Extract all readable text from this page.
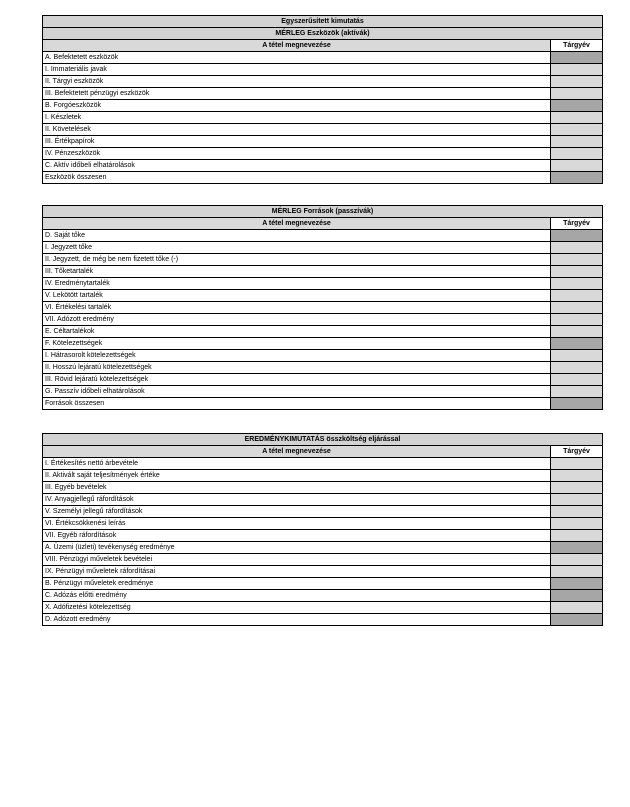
Egyszerűsített kimutatás	
MÉRLEG Eszközök (aktívák)	
A tétel megnevezése	Tárgyév
A. Befektetett eszközök	
I. Immateriális javak	
II. Tárgyi eszközök	
III. Befektetett pénzügyi eszközök	
B. Forgóeszközök	
I. Készletek	
II. Követelések	
III. Értékpapírok	
IV. Pénzeszközök	
C. Aktív időbeli elhatárolások	
Eszközök összesen	
MÉRLEG Források (passzívák)	
A tétel megnevezése	Tárgyév
D. Saját tőke	
I. Jegyzett tőke	
II. Jegyzett, de még be nem fizetett tőke (-)	
III. Tőketartalék	
IV. Eredménytartalék	
V. Lekötött tartalék	
VI. Értékelési tartalék	
VII. Adózott eredmény	
E. Céltartalékok	
F. Kötelezettségek	
I. Hátrasorolt kötelezettségek	
II. Hosszú lejáratú kötelezettségek	
III. Rövid lejáratú kötelezettségek	
G. Passzív időbeli elhatárolások	
Források összesen	
EREDMÉNYKIMUTATÁS összköltség eljárással	
A tétel megnevezése	Tárgyév
I. Értékesítés nettó árbevétele	
II. Aktivált saját teljesítmények értéke	
III. Egyéb bevételek	
IV. Anyagjellegű ráfordítások	
V. Személyi jellegű ráfordítások	
VI. Értékcsökkenési leírás	
VII. Egyéb ráfordítások	
A. Üzemi (üzleti) tevékenység eredménye	
VIII. Pénzügyi műveletek bevételei	
IX. Pénzügyi műveletek ráfordításai	
B. Pénzügyi műveletek eredménye	
C. Adózás előtti eredmény	
X. Adófizetési kötelezettség	
D. Adózott eredmény	
